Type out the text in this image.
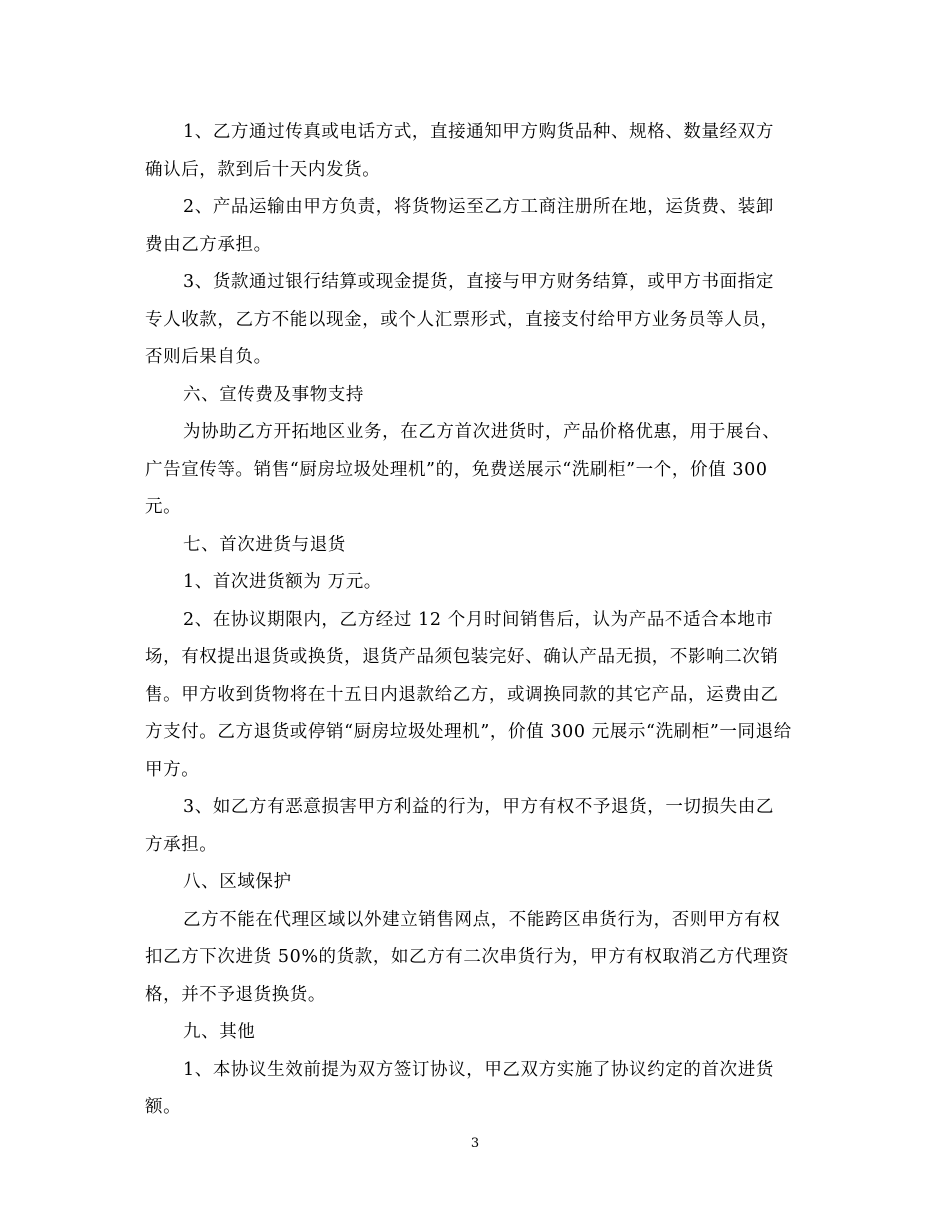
1、乙方通过传真或电话方式，直接通知甲方购货品种、规格、数量经双方
确认后，款到后十天内发货。

2、产品运输由甲方负责，将货物运至乙方工商注册所在地，运货费、装卸
费由乙方承担。

3、货款通过银行结算或现金提货，直接与甲方财务结算，或甲方书面指定
专人收款，乙方不能以现金，或个人汇票形式，直接支付给甲方业务员等人员，
否则后果自负。

六、宣传费及事物支持

为协助乙方开拓地区业务，在乙方首次进货时，产品价格优惠，用于展台、
广告宣传等。销售“厨房垃圾处理机”的，免费送展示“洗刷柜”一个，价值 300
元。

七、首次进货与退货

1、首次进货额为 万元。

2、在协议期限内，乙方经过 12 个月时间销售后，认为产品不适合本地市
场，有权提出退货或换货，退货产品须包装完好、确认产品无损，不影响二次销
售。甲方收到货物将在十五日内退款给乙方，或调换同款的其它产品，运费由乙
方支付。乙方退货或停销“厨房垃圾处理机”，价值 300 元展示“洗刷柜”一同退给
甲方。

3、如乙方有恶意损害甲方利益的行为，甲方有权不予退货，一切损失由乙
方承担。

八、区域保护

乙方不能在代理区域以外建立销售网点，不能跨区串货行为，否则甲方有权
扣乙方下次进货 50%的货款，如乙方有二次串货行为，甲方有权取消乙方代理资
格，并不予退货换货。

九、其他

1、本协议生效前提为双方签订协议，甲乙双方实施了协议约定的首次进货
额。

3
